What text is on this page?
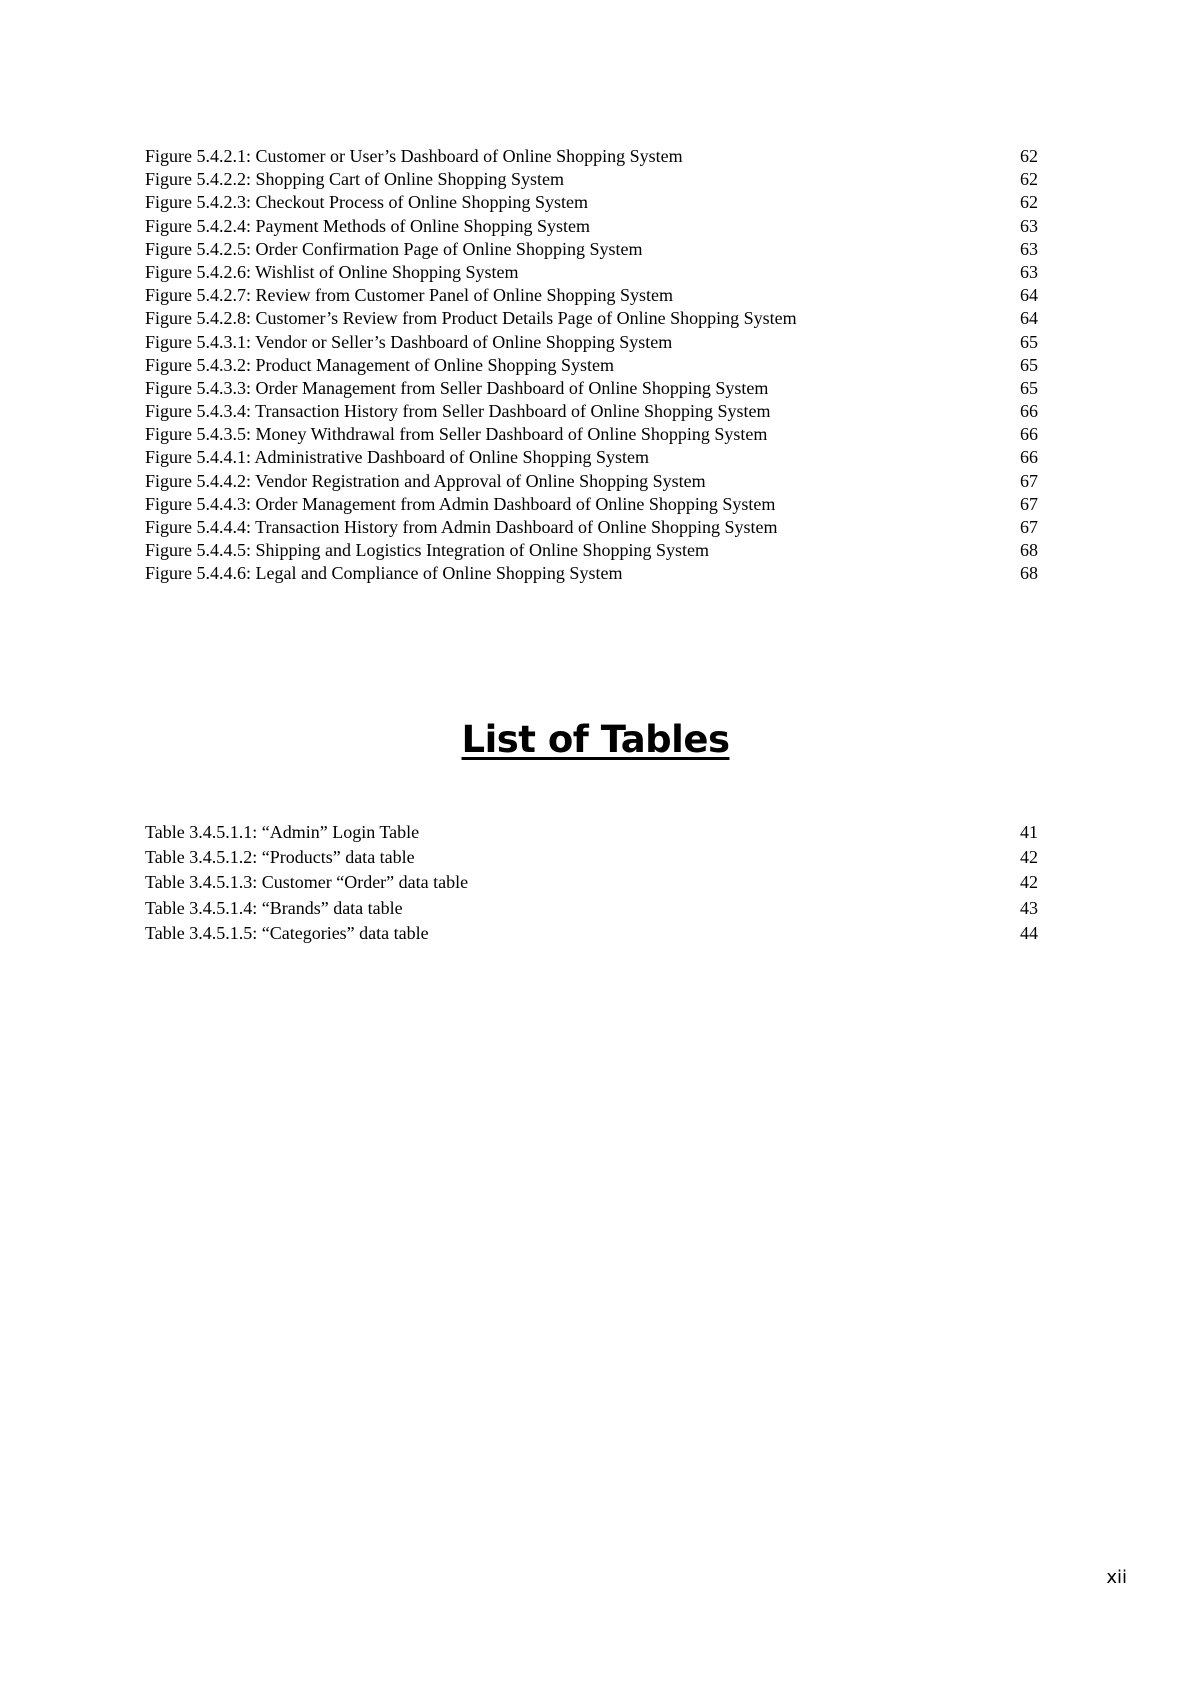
Figure 5.4.2.1: Customer or User’s Dashboard of Online Shopping System	62
Figure 5.4.2.2: Shopping Cart of Online Shopping System	62
Figure 5.4.2.3: Checkout Process of Online Shopping System	62
Figure 5.4.2.4: Payment Methods of Online Shopping System	63
Figure 5.4.2.5: Order Confirmation Page of Online Shopping System	63
Figure 5.4.2.6: Wishlist of Online Shopping System	63
Figure 5.4.2.7: Review from Customer Panel of Online Shopping System	64
Figure 5.4.2.8: Customer’s Review from Product Details Page of Online Shopping System	64
Figure 5.4.3.1: Vendor or Seller’s Dashboard of Online Shopping System	65
Figure 5.4.3.2: Product Management of Online Shopping System	65
Figure 5.4.3.3: Order Management from Seller Dashboard of Online Shopping System	65
Figure 5.4.3.4: Transaction History from Seller Dashboard of Online Shopping System	66
Figure 5.4.3.5: Money Withdrawal from Seller Dashboard of Online Shopping System	66
Figure 5.4.4.1: Administrative Dashboard of Online Shopping System	66
Figure 5.4.4.2: Vendor Registration and Approval of Online Shopping System	67
Figure 5.4.4.3: Order Management from Admin Dashboard of Online Shopping System	67
Figure 5.4.4.4: Transaction History from Admin Dashboard of Online Shopping System	67
Figure 5.4.4.5: Shipping and Logistics Integration of Online Shopping System	68
Figure 5.4.4.6: Legal and Compliance of Online Shopping System	68
List of Tables
Table 3.4.5.1.1: “Admin” Login Table	41
Table 3.4.5.1.2: “Products” data table	42
Table 3.4.5.1.3: Customer “Order” data table	42
Table 3.4.5.1.4: “Brands” data table	43
Table 3.4.5.1.5: “Categories” data table	44
xii
